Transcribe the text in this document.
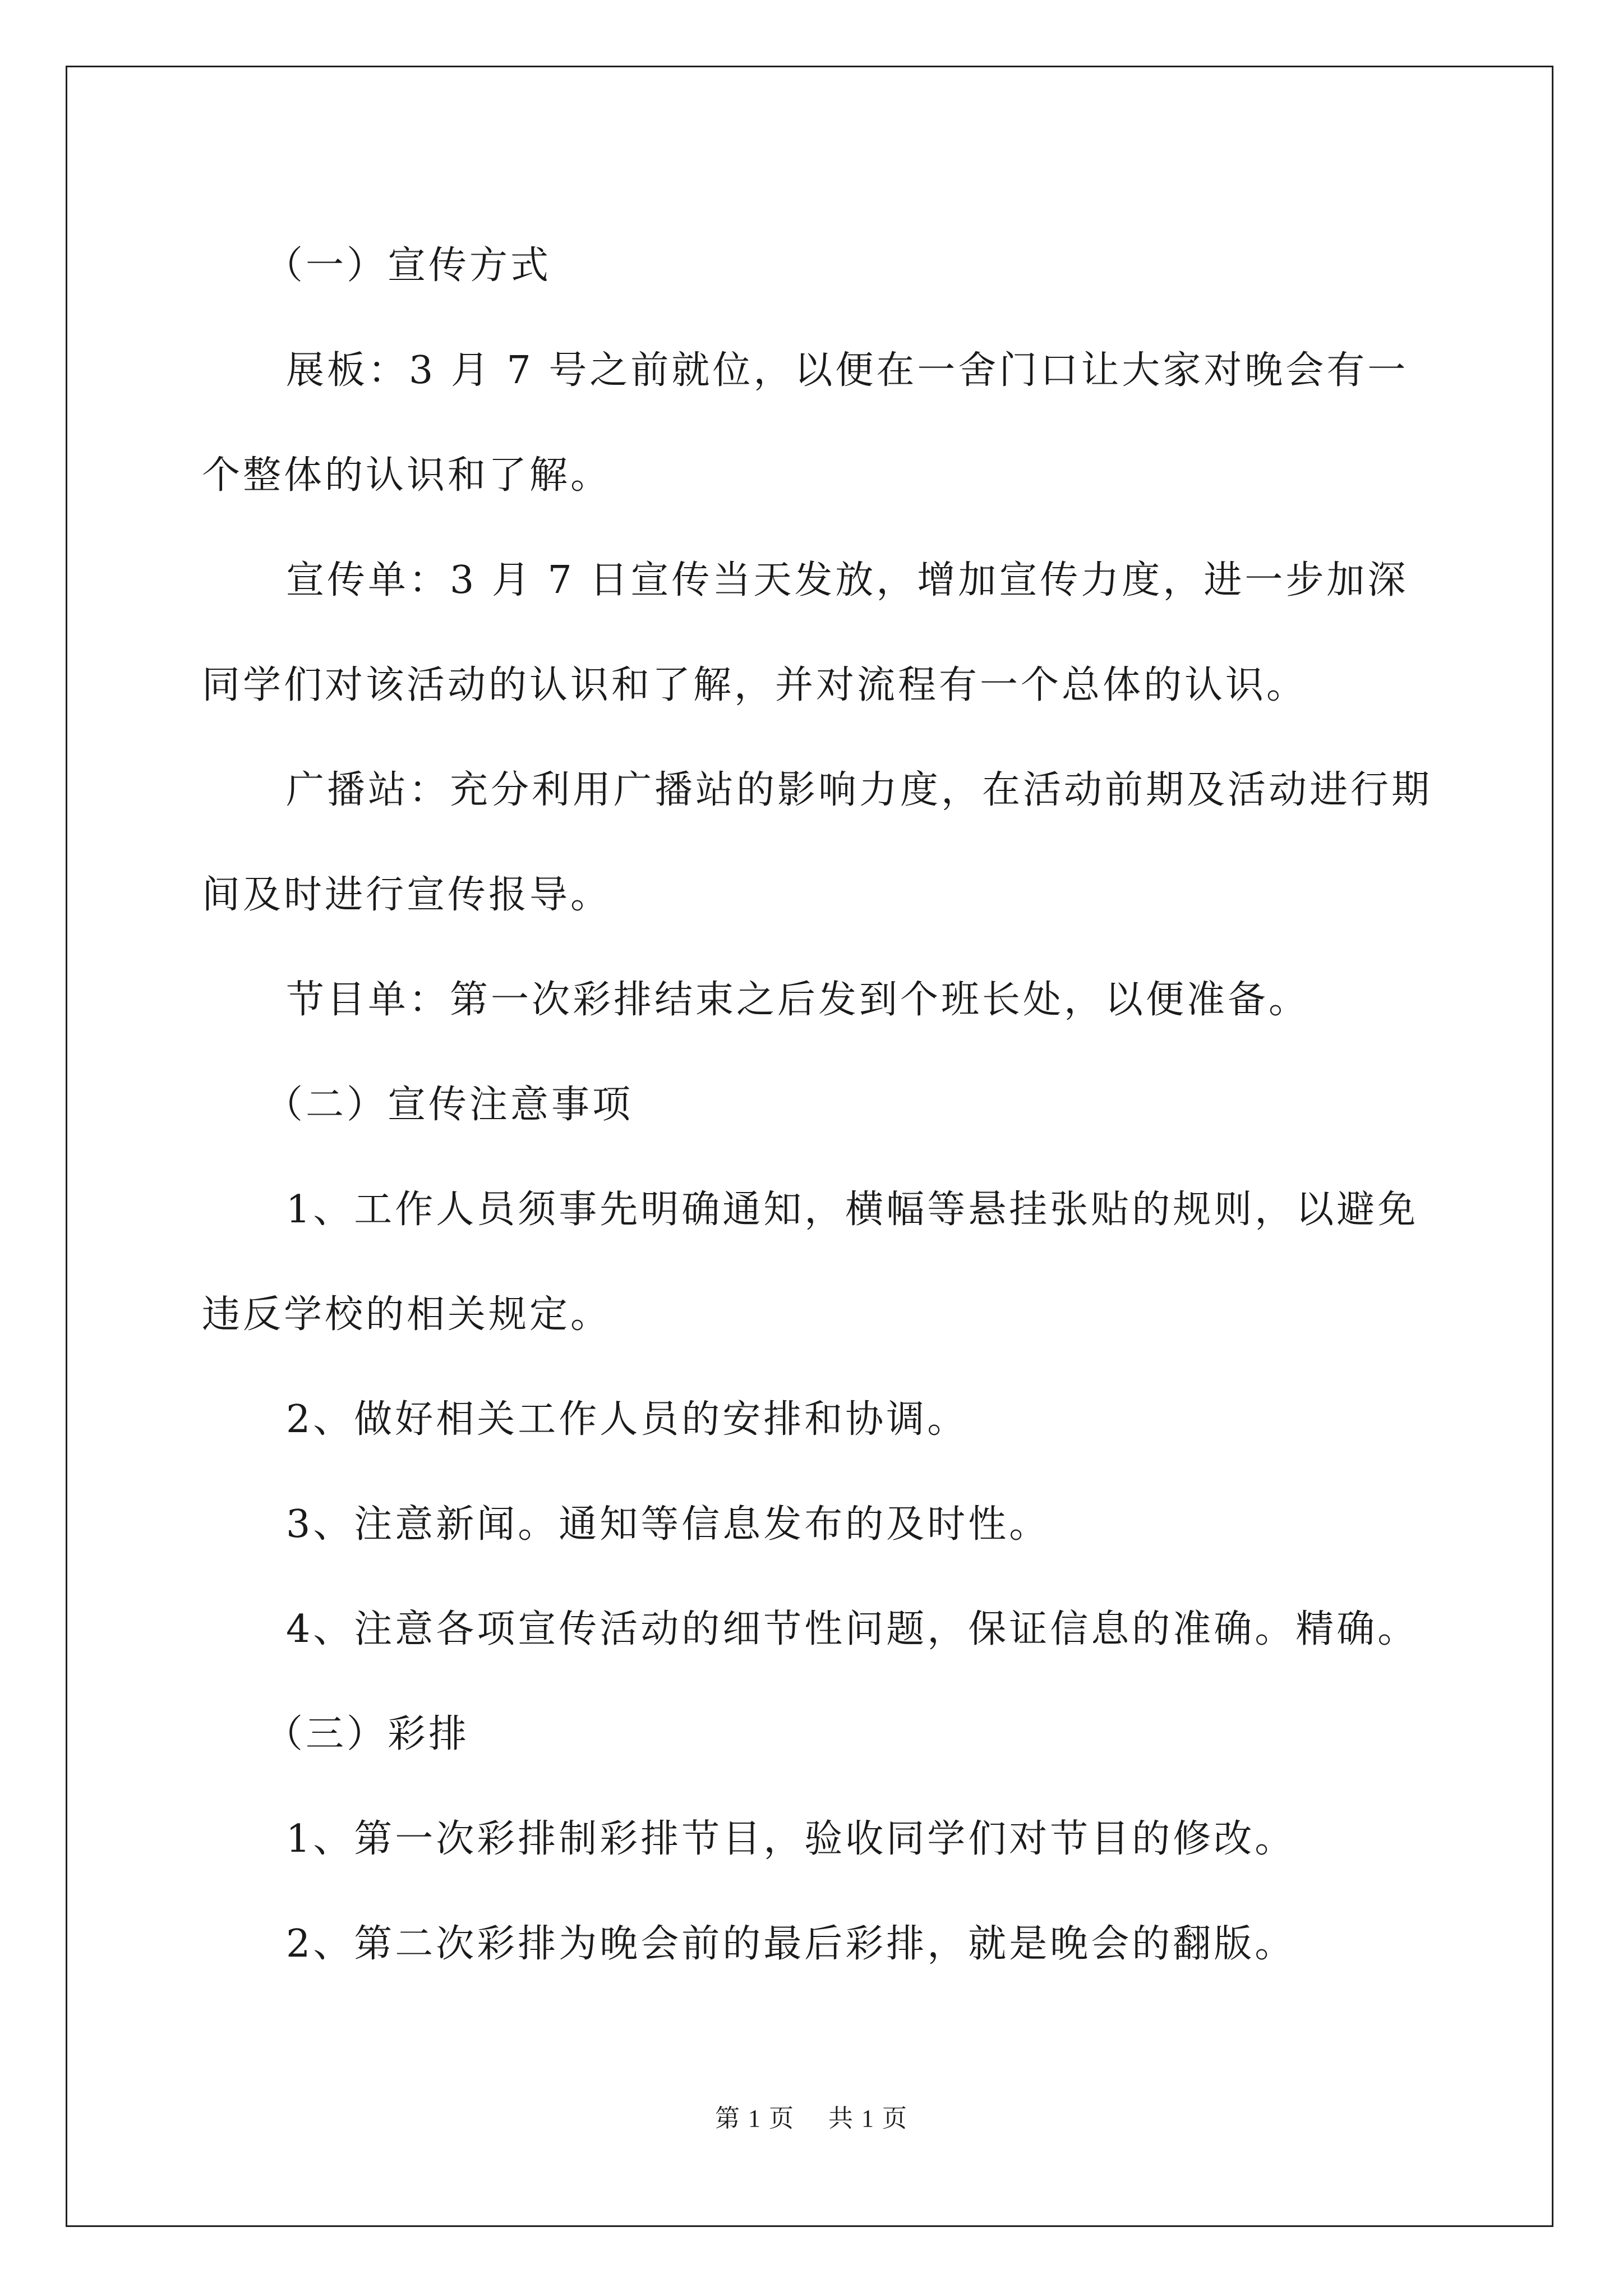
（一）宣传方式

展板：3 月 7 号之前就位，以便在一舍门口让大家对晚会有一个整体的认识和了解。

宣传单：3 月 7 日宣传当天发放，增加宣传力度，进一步加深同学们对该活动的认识和了解，并对流程有一个总体的认识。

广播站：充分利用广播站的影响力度，在活动前期及活动进行期间及时进行宣传报导。

节目单：第一次彩排结束之后发到个班长处，以便准备。

（二）宣传注意事项

1、工作人员须事先明确通知，横幅等悬挂张贴的规则，以避免违反学校的相关规定。

2、做好相关工作人员的安排和协调。

3、注意新闻。通知等信息发布的及时性。

4、注意各项宣传活动的细节性问题，保证信息的准确。精确。

（三）彩排

1、第一次彩排制彩排节目，验收同学们对节目的修改。

2、第二次彩排为晚会前的最后彩排，就是晚会的翻版。

第 1 页 共 1 页
